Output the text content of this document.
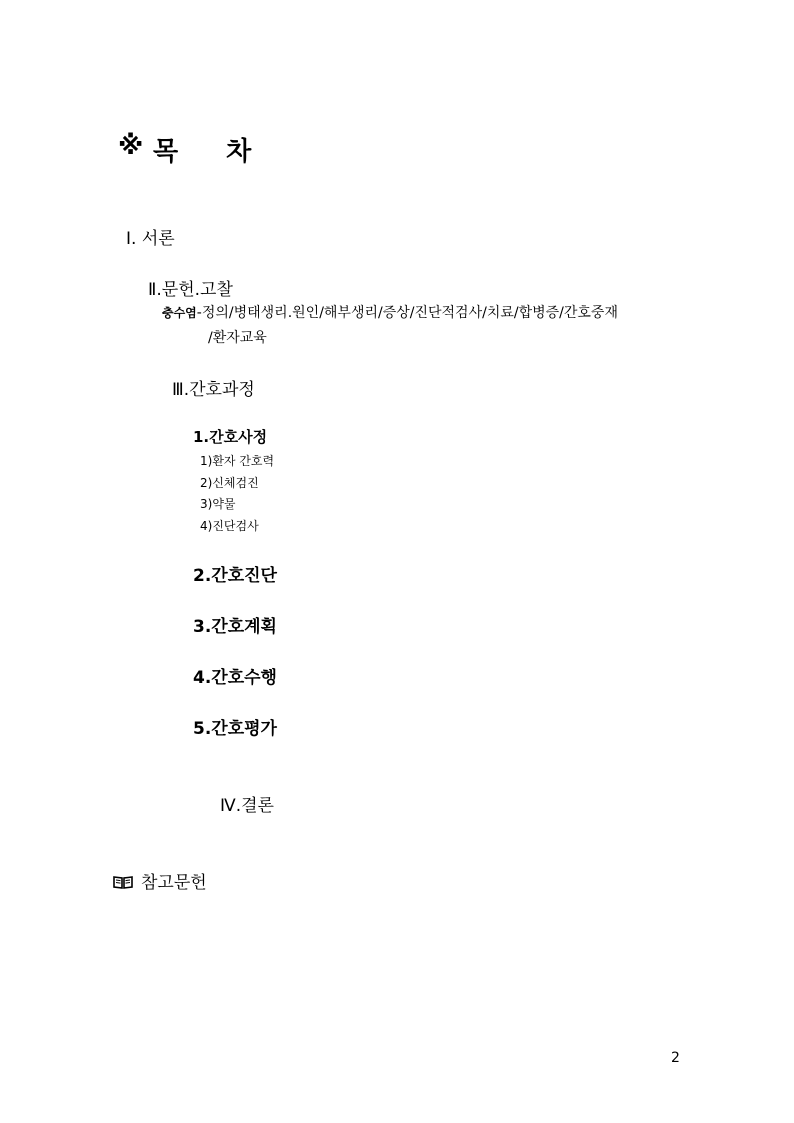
※ 목차
Ⅰ. 서론
Ⅱ.문헌.고찰
충수염-정의/병태생리.원인/해부생리/증상/진단적검사/치료/합병증/간호중재
/환자교육
Ⅲ.간호과정
1.간호사정
1)환자 간호력
2)신체검진
3)약물
4)진단검사
2.간호진단
3.간호계획
4.간호수행
5.간호평가
Ⅳ.결론
참고문헌
2
